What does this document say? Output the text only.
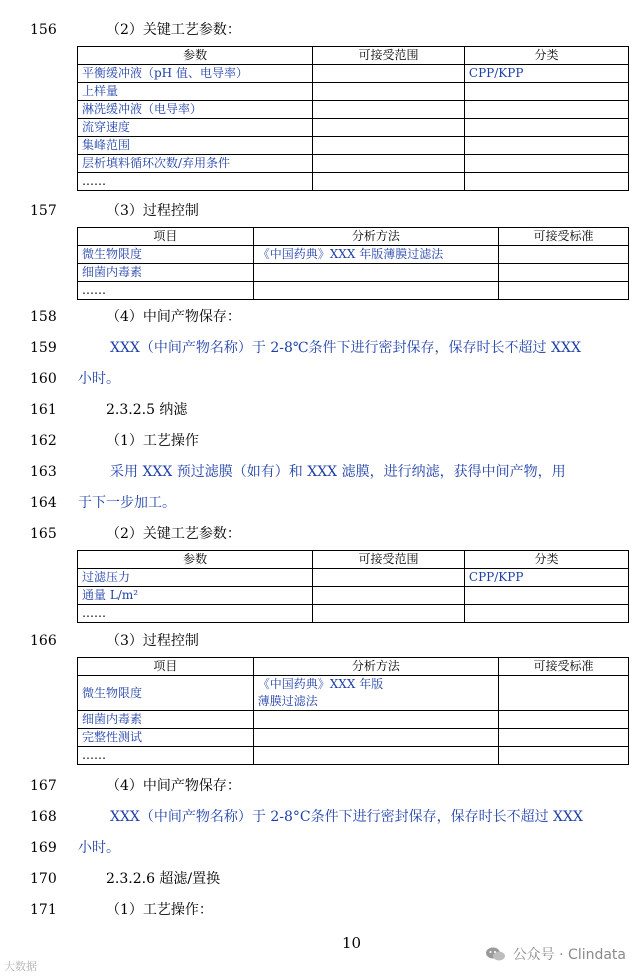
156	（2）关键工艺参数：
参数	可接受范围	分类
平衡缓冲液（pH 值、电导率）		CPP/KPP
上样量		
淋洗缓冲液（电导率）		
流穿速度		
集峰范围		
层析填料循环次数/弃用条件		
……		
157	（3）过程控制
项目	分析方法	可接受标准
微生物限度	《中国药典》XXX 年版薄膜过滤法	
细菌内毒素		
……		
158	（4）中间产物保存：
159	XXX（中间产物名称）于 2-8℃条件下进行密封保存，保存时长不超过 XXX
160 小时。
161	2.3.2.5 纳滤
162	（1）工艺操作
163	采用 XXX 预过滤膜（如有）和 XXX 滤膜，进行纳滤，获得中间产物，用
164 于下一步加工。
165	（2）关键工艺参数：
参数	可接受范围	分类
过滤压力		CPP/KPP
通量 L/m²		
……		
166	（3）过程控制
项目	分析方法	可接受标准
微生物限度	《中国药典》XXX 年版
薄膜过滤法	
细菌内毒素		
完整性测试		
……		
167	（4）中间产物保存：
168	XXX（中间产物名称）于 2-8°C条件下进行密封保存，保存时长不超过 XXX
169 小时。
170	2.3.2.6 超滤/置换
171	（1）工艺操作：
10
公众号 · Clindata
大数据
